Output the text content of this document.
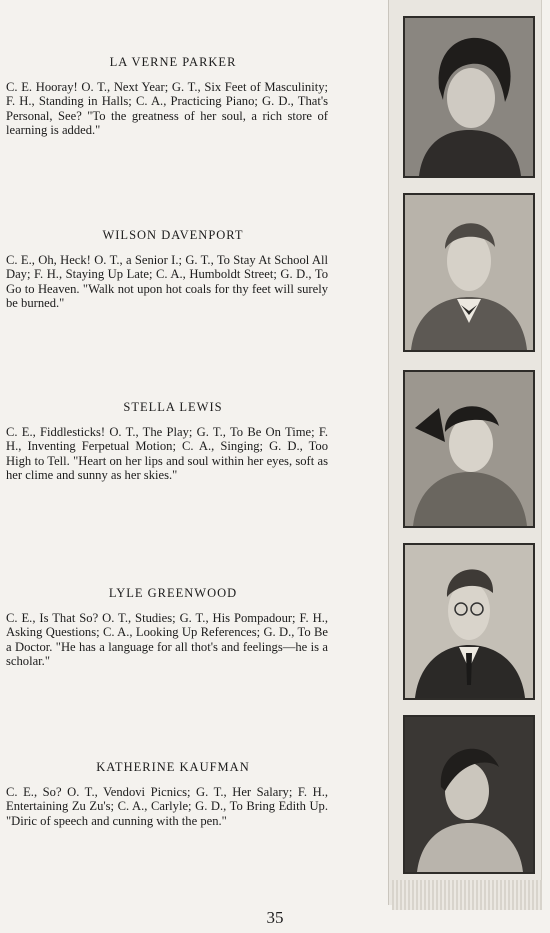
LA VERNE PARKER

C. E. Hooray! O. T., Next Year; G. T., Six Feet of Masculinity; F. H., Standing in Halls; C. A., Practicing Piano; G. D., That's Personal, See? "To the greatness of her soul, a rich store of learning is added."

WILSON DAVENPORT

C. E., Oh, Heck! O. T., a Senior I.; G. T., To Stay At School All Day; F. H., Staying Up Late; C. A., Humboldt Street; G. D., To Go to Heaven. "Walk not upon hot coals for thy feet will surely be burned."

STELLA LEWIS

C. E., Fiddlesticks! O. T., The Play; G. T., To Be On Time; F. H., Inventing Ferpetual Motion; C. A., Singing; G. D., Too High to Tell. "Heart on her lips and soul within her eyes, soft as her clime and sunny as her skies."

LYLE GREENWOOD

C. E., Is That So? O. T., Studies; G. T., His Pompadour; F. H., Asking Questions; C. A., Looking Up References; G. D., To Be a Doctor. "He has a language for all thot's and feelings—he is a scholar."

KATHERINE KAUFMAN

C. E., So? O. T., Vendovi Picnics; G. T., Her Salary; F. H., Entertaining Zu Zu's; C. A., Carlyle; G. D., To Bring Edith Up. "Diric of speech and cunning with the pen."

35
